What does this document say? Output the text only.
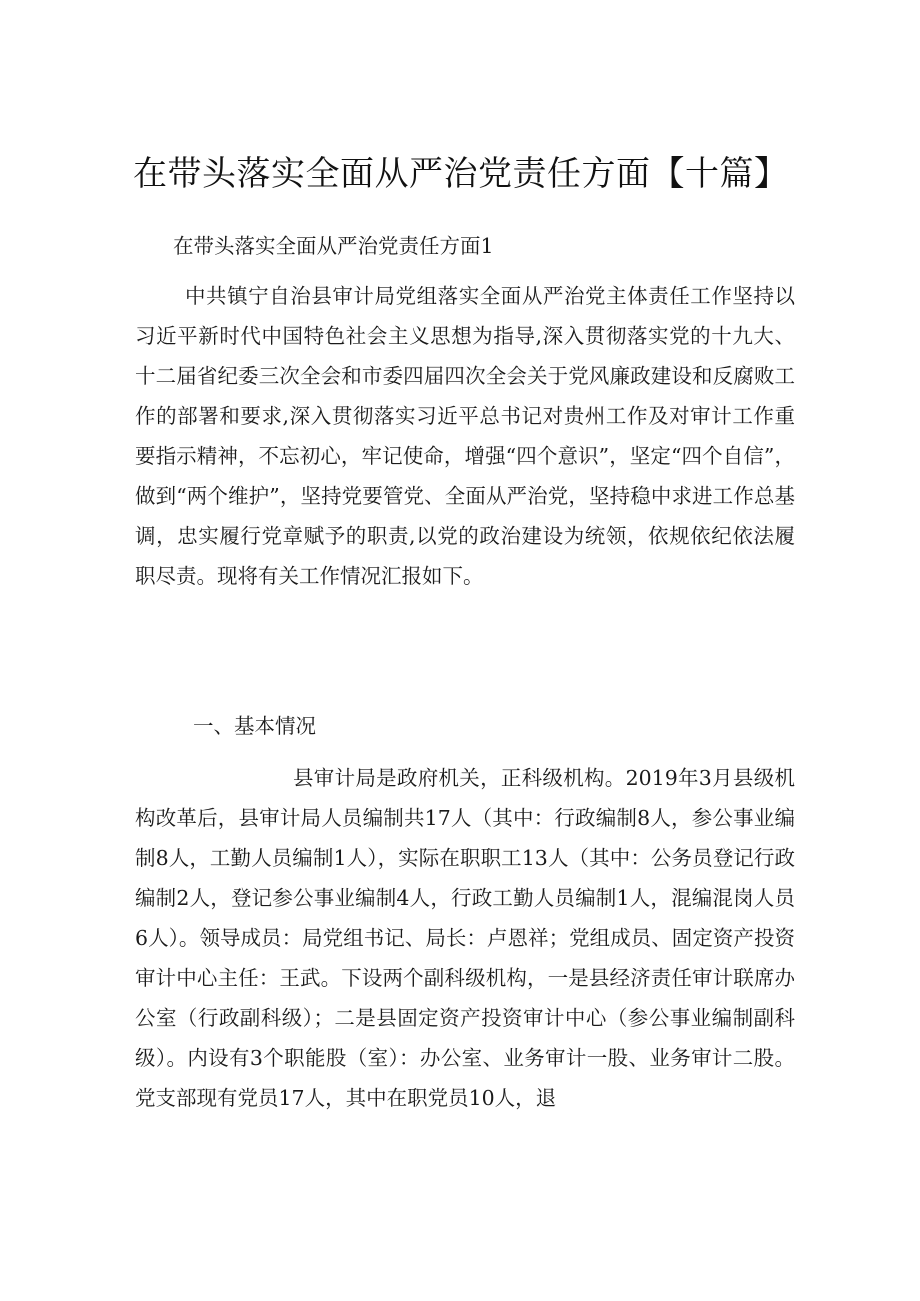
在带头落实全面从严治党责任方面【十篇】

在带头落实全面从严治党责任方面1

中共镇宁自治县审计局党组落实全面从严治党主体责任工作坚持以习近平新时代中国特色社会主义思想为指导,深入贯彻落实党的十九大、十二届省纪委三次全会和市委四届四次全会关于党风廉政建设和反腐败工作的部署和要求,深入贯彻落实习近平总书记对贵州工作及对审计工作重要指示精神，不忘初心，牢记使命，增强“四个意识”，坚定“四个自信”，做到“两个维护”，坚持党要管党、全面从严治党，坚持稳中求进工作总基调，忠实履行党章赋予的职责,以党的政治建设为统领，依规依纪依法履职尽责。现将有关工作情况汇报如下。

一、基本情况

县审计局是政府机关，正科级机构。2019年3月县级机构改革后，县审计局人员编制共17人（其中：行政编制8人，参公事业编制8人，工勤人员编制1人），实际在职职工13人（其中：公务员登记行政编制2人，登记参公事业编制4人，行政工勤人员编制1人，混编混岗人员6人）。领导成员：局党组书记、局长：卢恩祥；党组成员、固定资产投资审计中心主任：王武。下设两个副科级机构，一是县经济责任审计联席办公室（行政副科级）；二是县固定资产投资审计中心（参公事业编制副科级）。内设有3个职能股（室）：办公室、业务审计一股、业务审计二股。党支部现有党员17人，其中在职党员10人，退
